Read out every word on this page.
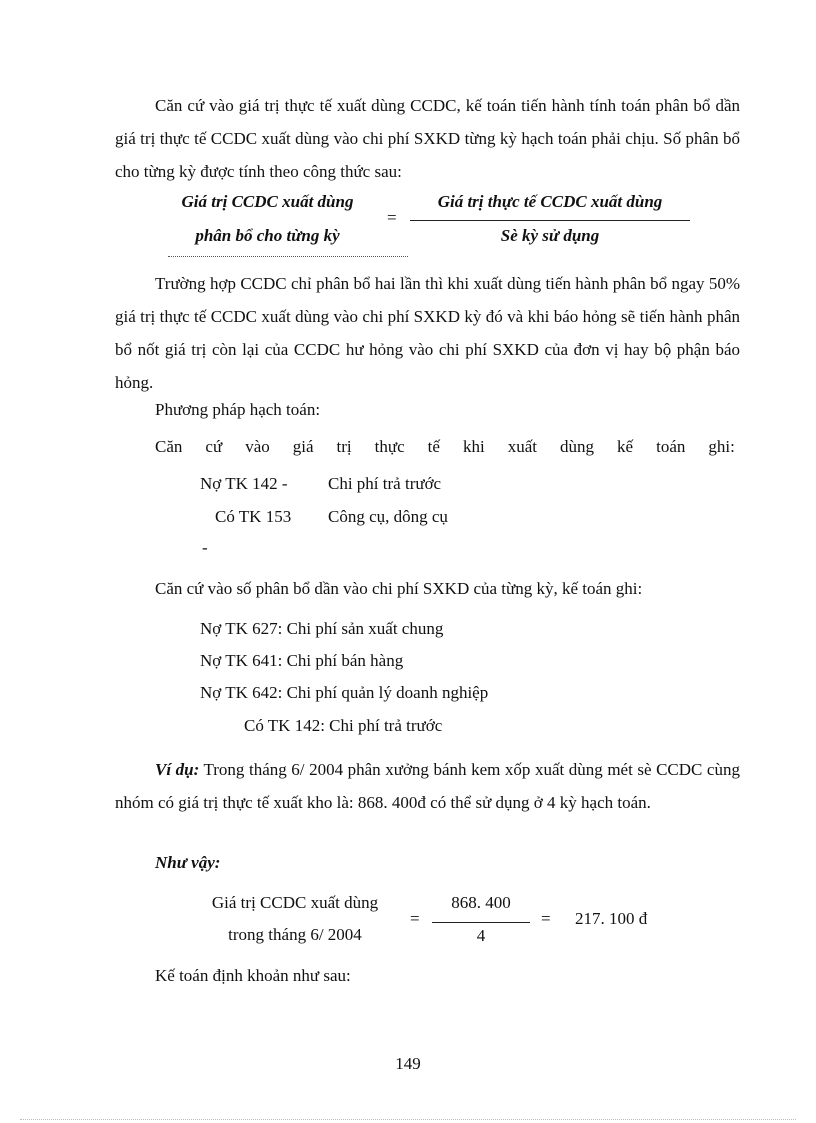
Căn cứ vào giá trị thực tế xuất dùng CCDC, kế toán tiến hành tính toán phân bổ dần giá trị thực tế CCDC xuất dùng vào chi phí SXKD từng kỳ hạch toán phải chịu. Số phân bổ cho từng kỳ được tính theo công thức sau:

Giá trị CCDC xuất dùng
phân bổ cho từng kỳ
=
Giá trị thực tế CCDC xuất dùng
Sè kỳ sử dụng

Trường hợp CCDC chỉ phân bổ hai lần thì khi xuất dùng tiến hành phân bổ ngay 50% giá trị thực tế CCDC xuất dùng vào chi phí SXKD kỳ đó và khi báo hỏng sẽ tiến hành phân bổ nốt giá trị còn lại của CCDC hư hỏng vào chi phí SXKD của đơn vị hay bộ phận báo hỏng.

Phương pháp hạch toán:
Căn cứ vào giá trị thực tế khi xuất dùng kế toán ghi:
Nợ TK 142 - Chi phí trả trước
Có TK 153 Công cụ, dông cụ
-
Căn cứ vào số phân bổ dần vào chi phí SXKD của từng kỳ, kế toán ghi:
Nợ TK 627: Chi phí sản xuất chung
Nợ TK 641: Chi phí bán hàng
Nợ TK 642: Chi phí quản lý doanh nghiệp
Có TK 142: Chi phí trả trước

Ví dụ: Trong tháng 6/ 2004 phân xưởng bánh kem xốp xuất dùng mét sè CCDC cùng nhóm có giá trị thực tế xuất kho là: 868. 400đ có thể sử dụng ở 4 kỳ hạch toán.

Như vậy:
Giá trị CCDC xuất dùng
trong tháng 6/ 2004
=
868. 400
4
= 217. 100 đ
Kế toán định khoản như sau:
149
